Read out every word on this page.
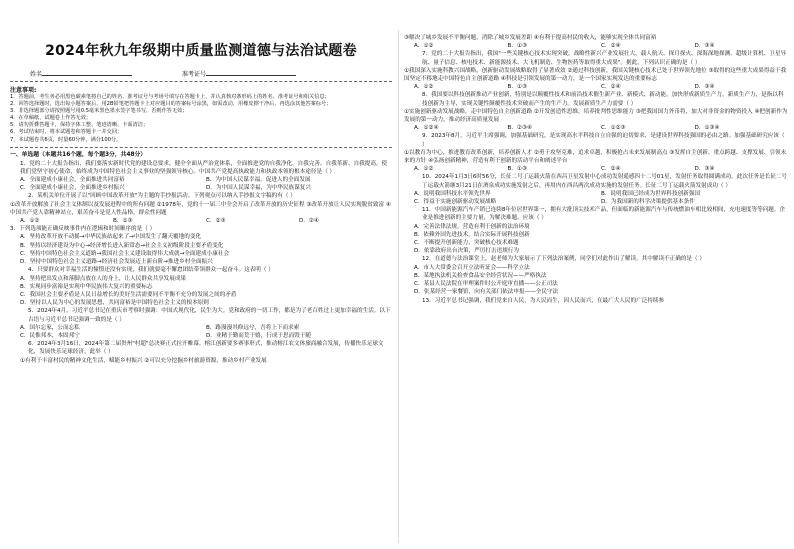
2024年秋九年级期中质量监测道德与法治试题卷
姓名	准考证号
注意事项:
1．答题前，考生务必用黑色碳素笔将自己的姓名、准考证号与考场号填写在答题卡上，并认真核对条形码上的姓名、准考证号和相关信息；
2．回答选择题时，选出每小题答案后，用2B铅笔把答题卡上对应题目的答案标号涂黑，如需改动，用橡皮擦干净后，再选涂其他答案标号；
3．非选择题部分请按照题号用0.5毫米黑色墨水签字笔书写，否则作答无效；
4．在草稿纸、试题卷上作答无效；
5．请勿折叠答题卡，保持字体工整、笔迹清晰、卡面清洁；
6．考试结束时，将本试题卷和答题卡一并交回；
7．本试题卷共6页，时量60分钟，满分100分。
一、单选题（本题共16个题，每个题3分，共48分）

1．党的二十大报告指出，我们要落实新时代党的建设总要求，健全全面从严治党体系，全面推进党的自我净化、自我完善、自我革新、自我提高，使我们党坚守初心使命，始终成为中国特色社会主义事业的坚强领导核心。中国共产党提高执政能力和执政本领的根本途径是（ ）

A．全面建成小康社会，全面推进共同富裕	B．为中国人民谋幸福，促进人的全面发展
C．全面建成小康社会，全面推进乡村振兴	D．为中国人民谋幸福，为中华民族谋复兴

2．某机关单位开展了以"回顾中国改革开放"为主题的手抄报活动。下列观点可以纳入手抄报文字稿的有（ ）

①改革开放解放了社会主义体制以及发展进程中的所有问题 ②1978年，党的十一届三中全会开启了改革开放的历史征程 ③改革开放让人民实现脱贫致富 ④中国共产党人靠精神站立，艰苦奋斗是党人性品格，群众性问题

A．①②	B．①③	C．②③	D．②④

3．下列选项能正确反映事件内在逻辑和时间顺序的是（ ）

A．坚持改革开放不动摇→中华民族站起来了→中国发生了翻天覆地的变化

B．坚持以经济建设为中心→经济增长进入新常态→社会主义初级阶段主要矛盾变化

C．坚持中国特色社会主义道路→我国社会主义建设取得伟大成就→全面建成小康社会

D．坚持中国特色社会主义道路→经济社会发展迈上新台阶→推进乡村全面振兴

4．只要群众对幸福生活的憧憬还没有实现，我们就要毫不懈怠团结带领群众一起奋斗。这表明（ ）

A．坚持把出发点和落脚点放在人的身上，让人民群众共享发展成果

B．实现同步富裕是实现中华民族伟大复兴的重要标志

C．我国社会主要矛盾是人民日益增长的美好生活需要同不平衡不充分的发展之间的矛盾

D．坚持以人民为中心的发展思想，共同富裕是中国特色社会主义的根本原则

5．2024年4月，习近平总书记在重庆市考察时强调：中国式现代化，民生为大。党和政府的一切工作，都是为了老百姓过上更加幸福的生活。以下古语与习近平总书记强调一致的是（ ）

A．国尔忘家，公而忘私	B．路漫漫其修远兮，吾将上下而求索
C．民惟邦本，本固邦宁	D．业精于勤而荒于嬉，行成于思而毁于随

6．2024年3月16日，2024年第二届贵州"村超"总决赛正式拉开帷幕。榕江创新要多赛事形式，推动榕江农文体旅商融合发展，传播快乐足球文化，发展快乐足球经济。此举（ ）

①有利于丰富村民的精神文化生活，赋能乡村振兴 ②可以充分挖掘乡村旅游资源，推动乡村产业发展

③解决了城乡发展不平衡问题，消除了城乡发展差距 ④有利于提高村民的收入，能够实现全体共同富裕

A．①②	B．①③	C．②④	D．③④

7．党的二十大报告指出，我国"一些关键核心技术实现突破，战略性新兴产业发展壮大，载人航天、探月探火、深海深地探测、超级计算机、卫星导航、量子信息、核电技术、新能源技术、大飞机制造、生物医药等取得重大成果"。据此，下列认识正确的是（ ）

①我国深入实施科教兴国战略，创新驱动发展战略取得了显著成效 ②通过科技创新，我国关键核心技术已处于世界领先地位 ③取得的这些重大成果得益于我国坚定不移地走中国特色自主创新道路 ④科技是引领发展的第一动力，是一个国家实现发达的重要标志

A．①②	B．①③	C．②④	D．③④

8．我国要以科技创新推动产业创新，特别是以颠覆性技术和前沿技术催生新产业、新模式、新动能，加快形成新质生产力。新质生产力，是指以科技创新为主导，实现关键性颠覆性技术突破而产生的生产力。发展新质生产力需要（ ）

①实施创新驱动发展战略，走中国特色自主创新道路 ②开发创造性思维，培养批判性思维能力 ③把我国国力外币将，加大对非资金的物资投入 ④把创新作为发展的第一动力，推动经济高质量发展

A．①②④	B．②③④	C．①②③	D．①③④

9．2023年8月，习近平主席强调，加强基础研究，是实现高水平科技自立自强的迫切要求，是建设世界科技强国的必由之路。加强基础研究应该（ ）

①以教育为中心，推进教育改革创新，培养创新人才 ②勇于攻坚克难，追求卓越，积极抢占未来发展制高点 ③发挥自主创新、重点跨越、支撑发展、引领未来的方针 ④弘扬创新精神，营造有利于创新的活动平台和阐述平台

A．①②	B．①③	C．②④	D．③④

10．2024年1月3日6时56分，长征二号丁运载火箭在西昌卫星发射中心成功发射遥感四十二号01星，发射任务取得圆满成功。此次任务是长征二号丁运载火箭继3月21日在酒泉成功实施发射之后，再用内在西昌两次成功实施的发射任务。长征二号丁运载火箭发射成功（ ）

A．说明我国科技水平领先世界	B．说明我国已经成为世界科技创新强国
C．得益于实施创新驱动发展战略	D．为我国新的科学决策提供基本条件

11．中国新能源汽车产销已连续8年位居世界第一，拥有大批顶尖技术产品，但面临的新能源汽车与传统燃油车相比较相间，充电速度等等问题。企业是推进创新的主要力量，为解决难题，应该（ ）

A．完善法律法规，营造有利于创新的法治环境

B．依赖外国先进技术，结合实际开展科技创新

C．不断提升创新能力，突破核心技术难题

D．依靠政府出台决策，严厉打击违规行为

12．在道德与法治课堂上，赵老师为大家展示了下列法治案例，同学们对此作出了解读。其中解读不正确的是（ ）

A．市人大常委会召开立法听证会——科学立法

B．某地执法机关检查食品安全经营状况——严格执法

C．某县人民法院在审理案件时公开庭审直播——公正司法

D．张某经营一家餐馆，向有关部门依法申报——全民守法

13．习近平总书记强调，我们党来自人民，为人民而生，因人民而兴，在最广大人民的广泛持续参
